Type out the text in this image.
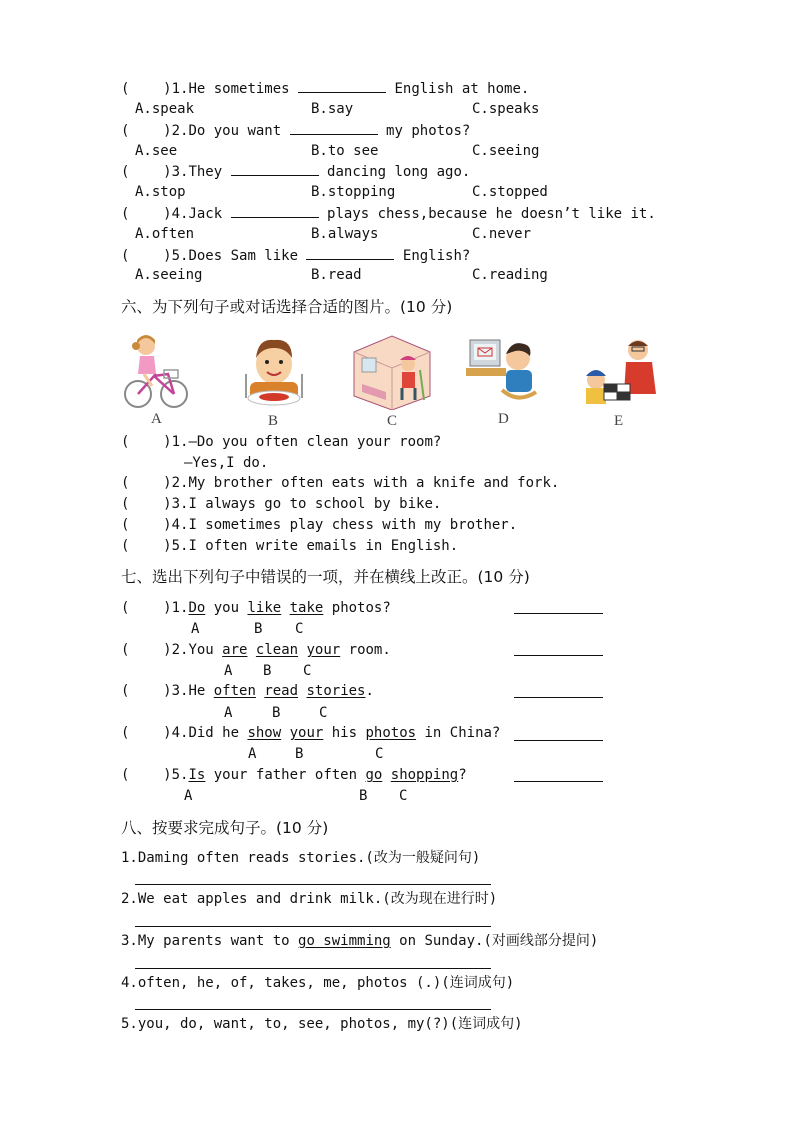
( )1.He sometimes	English at home.
A.speak	B.say	C.speaks
( )2.Do you want	my photos?
A.see	B.to see	C.seeing
( )3.They	dancing long ago.
A.stop	B.stopping	C.stopped
( )4.Jack	plays chess,because he doesn’t like it.
A.often	B.always	C.never
( )5.Does Sam like	English?
A.seeing	B.read	C.reading
六、为下列句子或对话选择合适的图片。(10 分)
A	B	C	D	E
( )1.—Do you often clean your room?
—Yes,I do.
( )2.My brother often eats with a knife and fork.
( )3.I always go to school by bike.
( )4.I sometimes play chess with my brother.
( )5.I often write emails in English.
七、选出下列句子中错误的一项，并在横线上改正。(10 分)
( )1.Do you like take photos?
A	B C
( )2.You are clean your room.
A B C
( )3.He often read stories.
A	B	C
( )4.Did he show your his photos in China?
A	B	C
( )5.Is your father often go shopping?
A	B C
八、按要求完成句子。(10 分)
1.Daming often reads stories.(改为一般疑问句)
2.We eat apples and drink milk.(改为现在进行时)
3.My parents want to go swimming on Sunday.(对画线部分提问)
4.often, he, of, takes, me, photos (.)(连词成句)
5.you, do, want, to, see, photos, my(?)(连词成句)
